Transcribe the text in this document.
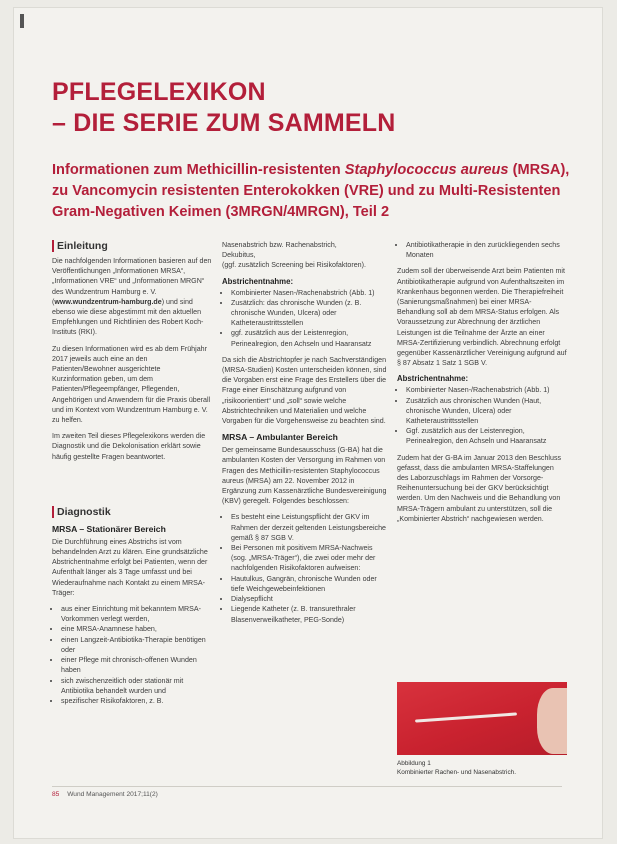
PFLEGELEXIKON
– DIE SERIE ZUM SAMMELN
Informationen zum Methicillin-resistenten Staphylococcus aureus (MRSA), zu Vancomycin resistenten Enterokokken (VRE) und zu Multi-Resistenten Gram-Negativen Keimen (3MRGN/4MRGN), Teil 2
Einleitung

Die nachfolgenden Informationen basieren auf den Veröffentlichungen „Informationen MRSA“, „Informationen VRE“ und „Informationen MRGN“ des Wundzentrum Hamburg e. V. (www.wundzentrum-hamburg.de) und sind ebenso wie diese abgestimmt mit den aktuellen Empfehlungen und Richtlinien des Robert Koch-Instituts (RKI).

Zu diesen Informationen wird es ab dem Frühjahr 2017 jeweils auch eine an den Patienten/Bewohner ausgerichtete Kurzinformation geben, um dem Patienten/Pflegeempfänger, Pflegenden, Angehörigen und Anwendern für die Praxis überall und im Kontext vom Wundzentrum Hamburg e. V. zu helfen.

Im zweiten Teil dieses Pflegelexikons werden die Diagnostik und die Dekolonisation erklärt sowie häufig gestellte Fragen beantwortet.

Diagnostik
MRSA – Stationärer Bereich

Die Durchführung eines Abstrichs ist vom behandelnden Arzt zu klären. Eine grundsätzliche Abstrichentnahme erfolgt bei Patienten, wenn der Aufenthalt länger als 3 Tage umfasst und bei Wiederaufnahme nach Kontakt zu einem MRSA-Träger:

• aus einer Einrichtung mit bekanntem MRSA-Vorkommen verlegt werden,
• eine MRSA-Anamnese haben,
• einen Langzeit-Antibiotika-Therapie benötigen oder
• einer Pflege mit chronisch-offenen Wunden haben
• sich zwischenzeitlich oder stationär mit Antibiotika behandelt wurden und
• spezifischer Risikofaktoren, z. B.

Nasenabstrich bzw. Rachenabstrich,
Dekubitus,
(ggf. zusätzlich Screening bei Risikofaktoren).

Abstrichentnahme:
• Kombinierter Nasen-/Rachenabstrich (Abb. 1)
• Zusätzlich: das chronische Wunden (z. B. chronische Wunden, Ulcera) oder Katheteraustrittsstellen
• ggf. zusätzlich aus der Leistenregion, Perinealregion, den Achseln und Haaransatz

Da sich die Abstrichtopfer je nach Sachverständigen (MRSA-Studien) Kosten unterscheiden können, sind die Vorgaben erst eine Frage des Erstellers über die Frage einer Einschätzung aufgrund von „risikoorientiert“ und „soll“ sowie welche Abstrichtechniken und Materialien und welche Vorgaben für die Vorgehensweise zu beachten sind.

MRSA – Ambulanter Bereich

Der gemeinsame Bundesausschuss (G-BA) hat die ambulanten Kosten der Versorgung im Rahmen von Fragen des Methicillin-resistenten Staphylococcus aureus (MRSA) am 22. November 2012 in Ergänzung zum Kassenärztliche Bundesvereinigung (KBV) geregelt. Folgendes beschlossen:

• Es besteht eine Leistungspflicht der GKV im Rahmen der derzeit geltenden Leistungsbereiche gemäß § 87 SGB V.
• Bei Personen mit positivem MRSA-Nachweis (sog. „MRSA-Träger“), die zwei oder mehr der nachfolgenden Risikofaktoren aufweisen:
• Hautulkus, Gangrän, chronische Wunden oder tiefe Weichgewebeinfektionen
• Dialysepflicht
• Liegende Katheter (z. B. transurethraler Blasenverweilkatheter, PEG-Sonde)
• Antibiotikatherapie in den zurückliegenden sechs Monaten

Zudem soll der überweisende Arzt beim Patienten mit Antibiotikatherapie aufgrund von Aufenthaltszeiten im Krankenhaus begonnen werden. Die Therapiefreiheit (Sanierungsmaßnahmen) bei einer MRSA-Behandlung soll ab dem MRSA-Status erfolgen. Als Voraussetzung zur Abrechnung der ärztlichen Leistungen ist die Teilnahme der Ärzte an einer MRSA-Zertifizierung verbindlich. Abrechnung erfolgt gegenüber Kassenärztlicher Vereinigung aufgrund auf § 87 Absatz 1 Satz 1 SGB V.

Abstrichentnahme:
• Kombinierter Nasen-/Rachenabstrich (Abb. 1)
• Zusätzlich aus chronischen Wunden (Haut, chronische Wunden, Ulcera) oder Katheteraustrittsstellen
• Ggf. zusätzlich aus der Leistenregion, Perinealregion, den Achseln und Haaransatz

Zudem hat der G-BA im Januar 2013 den Beschluss gefasst, dass die ambulanten MRSA-Staffelungen des Laborzuschlags im Rahmen der Vorsorge-Reihenuntersuchung bei der GKV berücksichtigt werden. Um den Nachweis und die Behandlung von MRSA-Trägern ambulant zu unterstützen, soll die „Kombinierter Abstrich“ nachgewiesen werden.

Abbildung 1
Kombinierter Rachen- und Nasenabstrich.
85 Wund Management 2017;11(2)
